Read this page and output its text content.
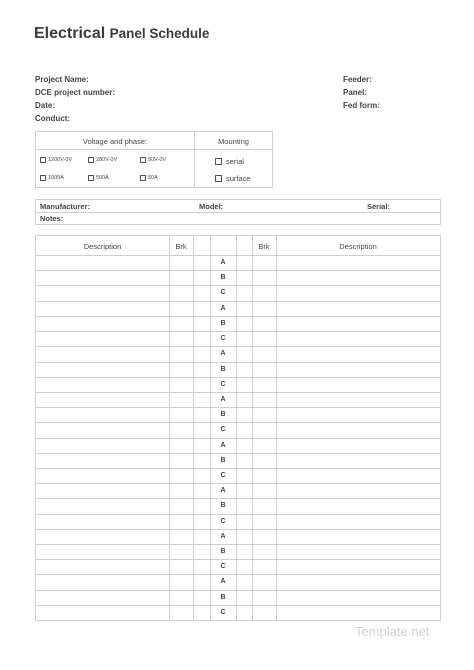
Electrical Panel Schedule
Project Name:
DCE project number:
Date:
Conduct:
Feeder:
Panel:
Fed form:
Voltage and phase:	Mounting
1200V-0V	280V-0V	50V-0V
1000A	500A	50A
serial
surface
Manufacturer:	Model:	Serial:
Notes:
Description	Brk	Brk	Description
A
B
C
A
B
C
A
B
C
A
B
C
A
B
C
A
B
C
A
B
C
A
B
C
Template.net
